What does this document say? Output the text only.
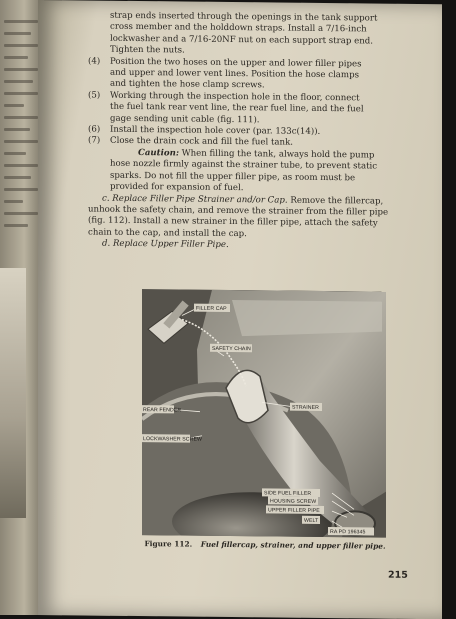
strap ends inserted through the openings in the tank support

cross member and the holddown straps. Install a 7/16-inch

lockwasher and a 7/16-20NF nut on each support strap end.

Tighten the nuts.

(4)	Position the two hoses on the upper and lower filler pipes

and upper and lower vent lines. Position the hose clamps

and tighten the hose clamp screws.

(5)	Working through the inspection hole in the floor, connect

the fuel tank rear vent line, the rear fuel line, and the fuel

gage sending unit cable (fig. 111).

(6)	Install the inspection hole cover (par. 133c(14)).
(7)	Close the drain cock and fill the fuel tank.

Caution: When filling the tank, always hold the pump

hose nozzle firmly against the strainer tube, to prevent static

sparks. Do not fill the upper filler pipe, as room must be

provided for expansion of fuel.

c. Replace Filler Pipe Strainer and/or Cap. Remove the fillercap,

unhook the safety chain, and remove the strainer from the filler pipe

(fig. 112). Install a new strainer in the filler pipe, attach the safety

chain to the cap, and install the cap.

d. Replace Upper Filler Pipe.

FILLER CAP
SAFETY CHAIN
STRAINER
REAR FENDER
LOCKWASHER SCREW
SIDE FUEL FILLER
HOUSING SCREW
UPPER FILLER PIPE
WELT
RA PD 196345
Figure 112. Fuel fillercap, strainer, and upper filler pipe.
215
